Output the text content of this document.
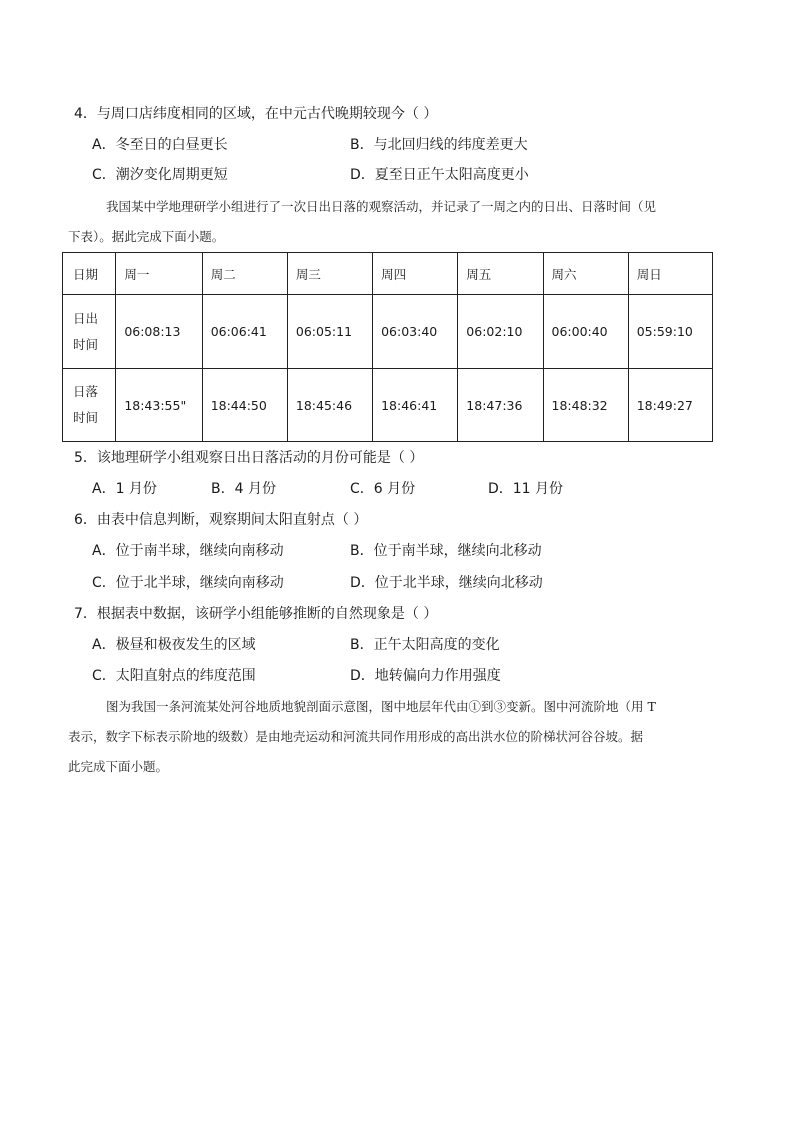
4．与周口店纬度相同的区域，在中元古代晚期较现今（ ）
A．冬至日的白昼更长	B．与北回归线的纬度差更大
C．潮汐变化周期更短	D．夏至日正午太阳高度更小
我国某中学地理研学小组进行了一次日出日落的观察活动，并记录了一周之内的日出、日落时间（见
下表）。据此完成下面小题。
日期	周一	周二	周三	周四	周五	周六	周日

日出
时间	06:08:13	06:06:41	06:05:11	06:03:40	06:02:10	06:00:40	05:59:10

日落
时间	18:43:55"	18:44:50	18:45:46	18:46:41	18:47:36	18:48:32	18:49:27
5．该地理研学小组观察日出日落活动的月份可能是（ ）
A．1 月份	B．4 月份	C．6 月份	D．11 月份
6．由表中信息判断，观察期间太阳直射点（ ）
A．位于南半球，继续向南移动	B．位于南半球，继续向北移动
C．位于北半球，继续向南移动	D．位于北半球，继续向北移动
7．根据表中数据，该研学小组能够推断的自然现象是（ ）
A．极昼和极夜发生的区域	B．正午太阳高度的变化
C．太阳直射点的纬度范围	D．地转偏向力作用强度
图为我国一条河流某处河谷地质地貌剖面示意图，图中地层年代由①到③变新。图中河流阶地（用 T
表示，数字下标表示阶地的级数）是由地壳运动和河流共同作用形成的高出洪水位的阶梯状河谷谷坡。据
此完成下面小题。
